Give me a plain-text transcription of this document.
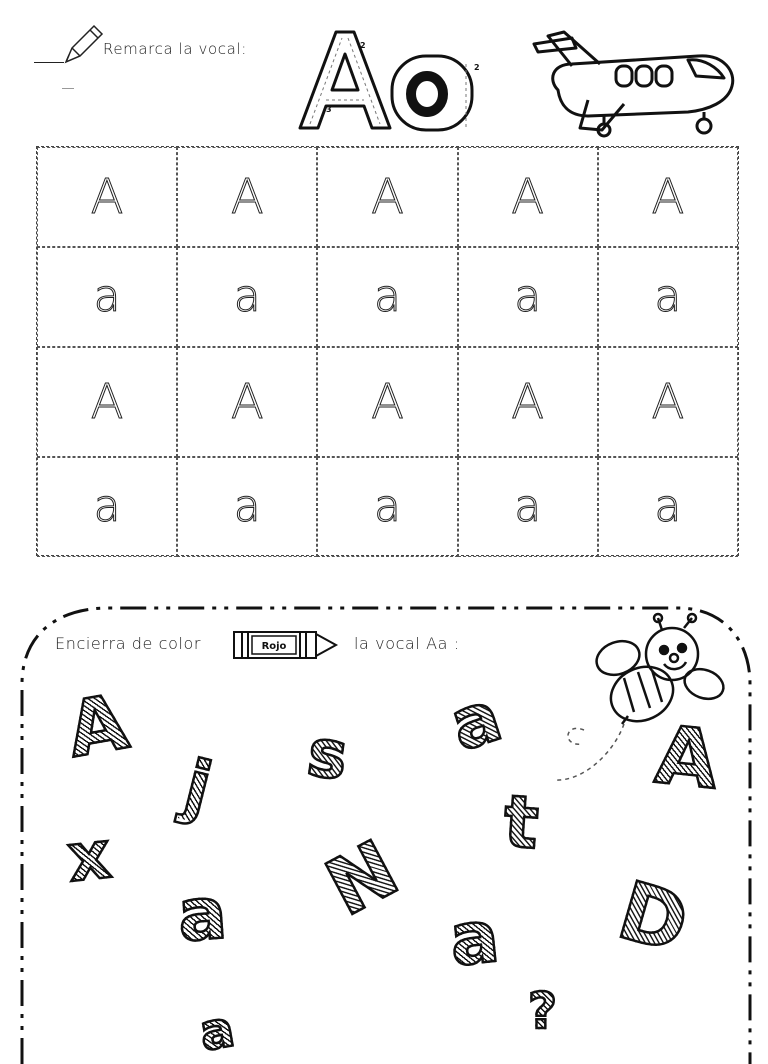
Remarca la vocal:	2
3
2
A A A A A
a	a	a	a	a
A A A A A
a	a	a	a	a
Encierra de color	Rojo	la vocal Aa :
A
j s a A
t
x	N
a	a D
?
a
